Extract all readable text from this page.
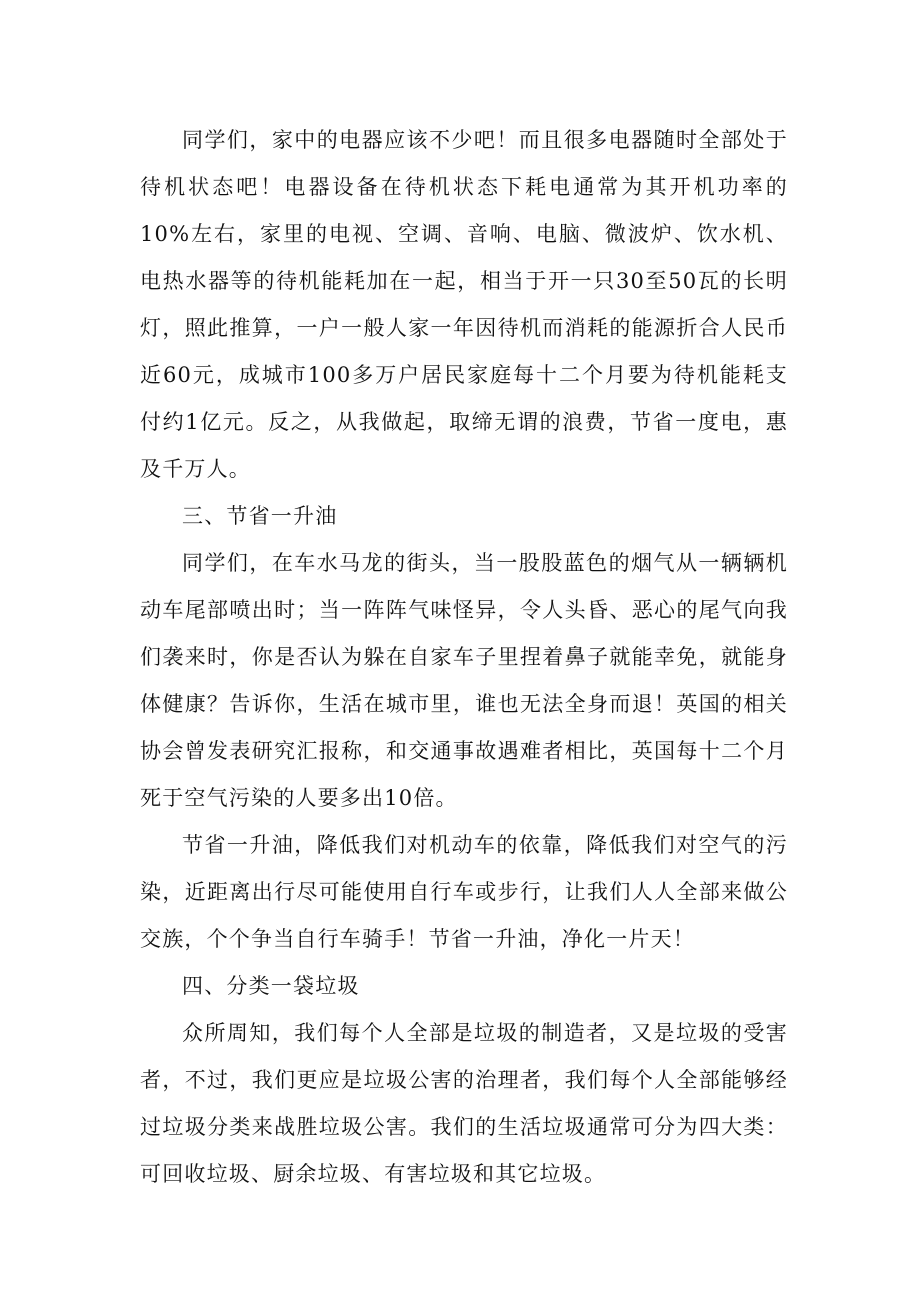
同学们，家中的电器应该不少吧！而且很多电器随时全部处于待机状态吧！电器设备在待机状态下耗电通常为其开机功率的10%左右，家里的电视、空调、音响、电脑、微波炉、饮水机、电热水器等的待机能耗加在一起，相当于开一只30至50瓦的长明灯，照此推算，一户一般人家一年因待机而消耗的能源折合人民币近60元，成城市100多万户居民家庭每十二个月要为待机能耗支付约1亿元。反之，从我做起，取缔无谓的浪费，节省一度电，惠及千万人。

三、节省一升油

同学们，在车水马龙的街头，当一股股蓝色的烟气从一辆辆机动车尾部喷出时；当一阵阵气味怪异，令人头昏、恶心的尾气向我们袭来时，你是否认为躲在自家车子里捏着鼻子就能幸免，就能身体健康？告诉你，生活在城市里，谁也无法全身而退！英国的相关协会曾发表研究汇报称，和交通事故遇难者相比，英国每十二个月死于空气污染的人要多出10倍。

节省一升油，降低我们对机动车的依靠，降低我们对空气的污染，近距离出行尽可能使用自行车或步行，让我们人人全部来做公交族，个个争当自行车骑手！节省一升油，净化一片天！

四、分类一袋垃圾

众所周知，我们每个人全部是垃圾的制造者，又是垃圾的受害者，不过，我们更应是垃圾公害的治理者，我们每个人全部能够经过垃圾分类来战胜垃圾公害。我们的生活垃圾通常可分为四大类：可回收垃圾、厨余垃圾、有害垃圾和其它垃圾。
